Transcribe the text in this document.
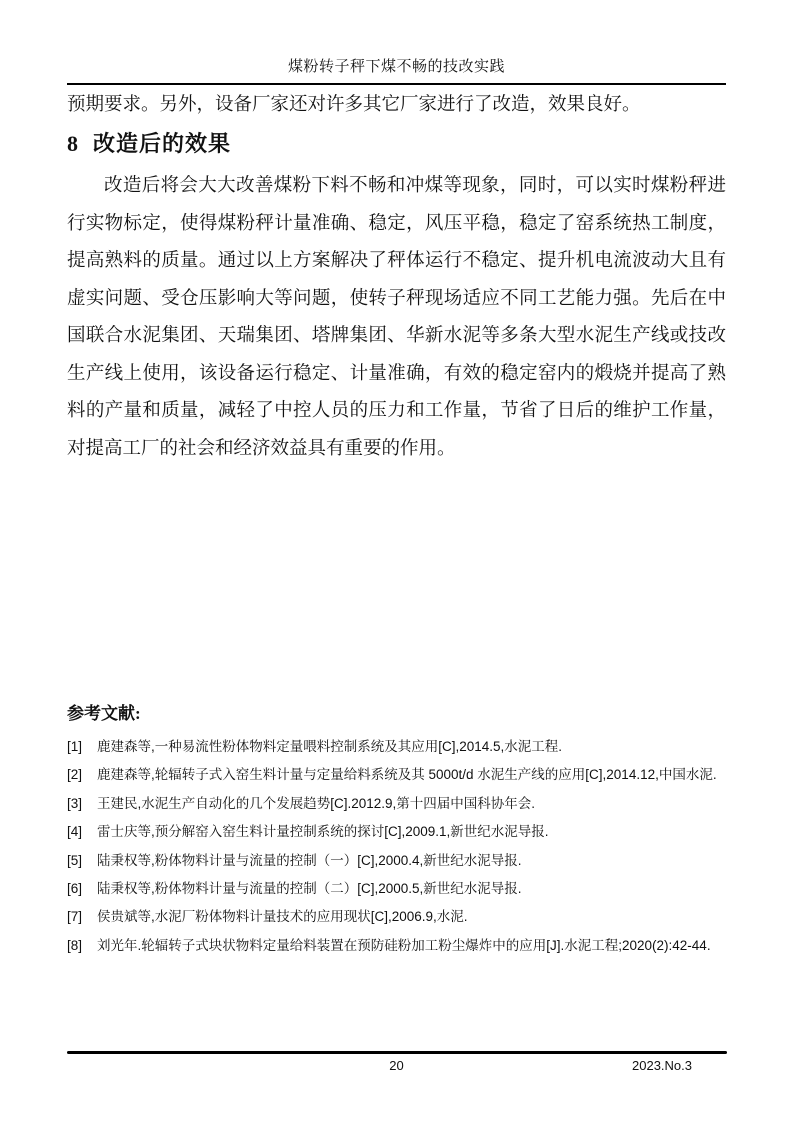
煤粉转子秤下煤不畅的技改实践

预期要求。另外，设备厂家还对许多其它厂家进行了改造，效果良好。

8 改造后的效果
改造后将会大大改善煤粉下料不畅和冲煤等现象，同时，可以实时煤粉秤进
行实物标定，使得煤粉秤计量准确、稳定，风压平稳，稳定了窑系统热工制度，
提高熟料的质量。通过以上方案解决了秤体运行不稳定、提升机电流波动大且有
虚实问题、受仓压影响大等问题，使转子秤现场适应不同工艺能力强。先后在中
国联合水泥集团、天瑞集团、塔牌集团、华新水泥等多条大型水泥生产线或技改
生产线上使用，该设备运行稳定、计量准确，有效的稳定窑内的煅烧并提高了熟
料的产量和质量，减轻了中控人员的压力和工作量，节省了日后的维护工作量，
对提高工厂的社会和经济效益具有重要的作用。
参考文献:
[1]	鹿建森等,一种易流性粉体物料定量喂料控制系统及其应用[C],2014.5,水泥工程.
[2]	鹿建森等,轮辐转子式入窑生料计量与定量给料系统及其 5000t/d 水泥生产线的应用[C],2014.12,中国水泥.
[3]	王建民,水泥生产自动化的几个发展趋势[C].2012.9,第十四届中国科协年会.
[4]	雷士庆等,预分解窑入窑生料计量控制系统的探讨[C],2009.1,新世纪水泥导报.
[5]	陆秉权等,粉体物料计量与流量的控制（一）[C],2000.4,新世纪水泥导报.
[6]	陆秉权等,粉体物料计量与流量的控制（二）[C],2000.5,新世纪水泥导报.
[7]	侯贵斌等,水泥厂粉体物料计量技术的应用现状[C],2006.9,水泥.
[8]	刘光年.轮辐转子式块状物料定量给料装置在预防硅粉加工粉尘爆炸中的应用[J].水泥工程;2020(2):42-44.
20	2023.No.3
